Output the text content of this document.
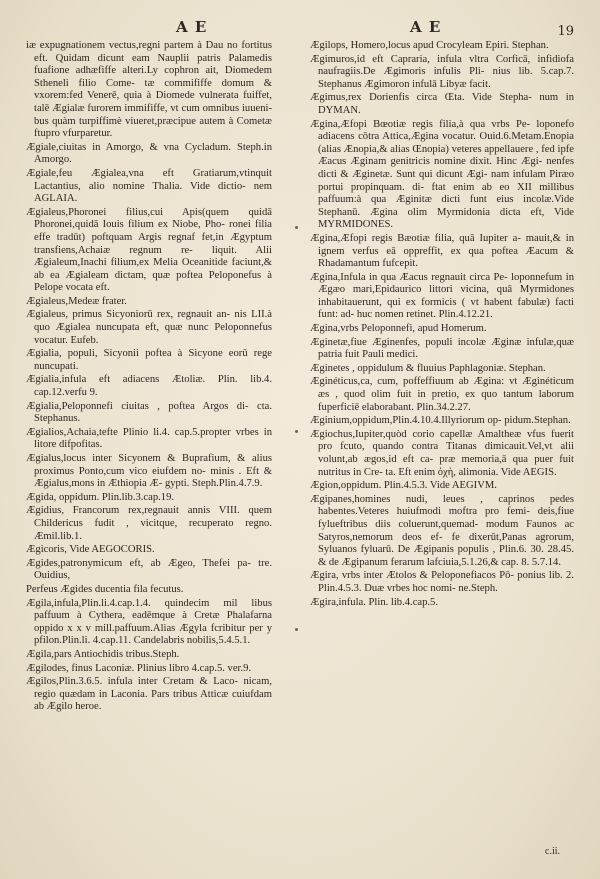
A E	A E	19

iæ expugnationem vectus,regni partem à Dau no fortitus eft. Quidam dicunt eam Nauplii patris Palamedis fuafione adhæfiffe alteri.Ly cophron ait, Diomedem Stheneli filio Come- tæ commififfe domum & vxorem:fed Venerē, quia à Diomede vulnerata fuiffet, talē Ægialæ furorem immififfe, vt cum omnibus iuueni- bus quàm turpiffimè viueret,præcipue autem à Cometæ ftupro vfurparetur.

Ægiale,ciuitas in Amorgo, & vna Cycladum. Steph.in Amorgo.

Ægiale,feu Ægialea,vna eft Gratiarum,vtinquit Lactantius, alio nomine Thalia. Vide dictio- nem AGLAIA.

Ægialeus,Phoronei filius,cui Apis(quem quidā Phoronei,quidā Iouis filium ex Niobe, Pho- ronei filia effe tradūt) poftquam Argis regnaf fet,in Ægyptum transfiens,Achaiæ regnum re- liquit. Alii Ægialeum,Inachi filium,ex Melia Oceanitide faciunt,& ab ea Ægialeam dictam, quæ poftea Peloponefus à Pelope vocata eft.

Ægialeus,Medeæ frater.

Ægialeus, primus Sicyoniorū rex, regnauit an- nis LII.à quo Ægialea nuncupata eft, quæ nunc Peloponnefus vocatur. Eufeb.

Ægialia, populi, Sicyonii poftea à Sicyone eorū rege nuncupati.

Ægialia,infula eft adiacens Ætoliæ. Plin. lib.4. cap.12.verfu 9.

Ægialia,Peloponnefi ciuitas , poftea Argos di- cta. Stephanus.

Ægialios,Achaia,tefte Plinio li.4. cap.5.propter vrbes in litore difpofitas.

Ægialus,locus inter Sicyonem & Buprafium, & alius proximus Ponto,cum vico eiufdem no- minis . Eft & Ægialus,mons in Æthiopia Æ- gypti. Steph.Plin.4.7.9.

Ægida, oppidum. Plin.lib.3.cap.19.

Ægidius, Francorum rex,regnauit annis VIII. quem Childericus fudit , vicitque, recuperato regno. Æmil.lib.1.

Ægicoris, Vide AEGOCORIS.

Ægides,patronymicum eft, ab Ægeo, Thefei pa- tre. Ouidius,

Perfeus Ægides ducentia fila fecutus.

Ægila,infula,Plin.li.4.cap.1.4. quindecim mil libus paffuum à Cythera, eadēmque à Cretæ Phalafarna oppido x x v mill.paffuum.Alias Ægyla fcribitur per y pfilon.Plin.li. 4.cap.11. Candelabris nobilis,5.4.5.1.

Ægila,pars Antiochidis tribus.Steph.

Ægilodes, finus Laconiæ. Plinius libro 4.cap.5. ver.9.

Ægilos,Plin.3.6.5. infula inter Cretam & Laco- nicam, regio quædam in Laconia. Pars tribus Atticæ cuiufdam ab Ægilo heroe.

Ægilops, Homero,locus apud Crocyleam Epiri. Stephan.

Ægimuros,id eft Capraria, infula vltra Corficā, infidiofa naufragiis.De Ægimoris infulis Pli- nius lib. 5.cap.7. Stephanus Ægimoron infulā Libyæ facit.

Ægimus,rex Dorienfis circa Œta. Vide Stepha- num in DYMAN.

Ægina,Æfopi Bœotiæ regis filia,à qua vrbs Pe- loponefo adiacens cōtra Attica,Ægina vocatur. Ouid.6.Metam.Enopia (alias Ænopia,& alias Œnopia) veteres appellauere , fed ipfe Æacus Æginam genitricis nomine dixit. Hinc Ægi- nenfes dicti & Æginetæ. Sunt qui dicunt Ægi- nam infulam Piræo portui propinquam. di- ftat enim ab eo XII millibus paffuum:à qua Æginitæ dicti funt eius incolæ.Vide Stephanū. Ægina olim Myrmidonia dicta eft, Vide MYRMIDONES.

Ægina,Æfopi regis Bæotiæ filia, quā Iupiter a- mauit,& in ignem verfus eā oppreffit, ex qua poftea Æacum & Rhadamantum fufcepit.

Ægina,Infula in qua Æacus regnauit circa Pe- loponnefum in Ægæo mari,Epidaurico littori vicina, quā Myrmidones inhabitauerunt, qui ex formicis ( vt habent fabulæ) facti funt: ad- huc nomen retinet. Plin.4.12.21.

Ægina,vrbs Peloponnefi, apud Homerum.

Æginetæ,fiue Æginenfes, populi incolæ Æginæ infulæ,quæ patria fuit Pauli medici.

Æginetes , oppidulum & fluuius Paphlagoniæ. Stephan.

Æginéticus,ca, cum, poffeffiuum ab Ægina: vt Æginéticum æs , quod olim fuit in pretio, ex quo tantum laborum fuperficiē elaborabant. Plin.34.2.27.

Æginium,oppidum,Plin.4.10.4.Illyriorum op- pidum.Stephan.

Ægiochus,Iupiter,quòd corio capellæ Amaltheæ vfus fuerit pro fcuto, quando contra Titanas dimicauit.Vel,vt alii volunt,ab ægos,id eft ca- præ memoria,ā qua puer fuit nutritus in Cre- ta. Eft enim ὀχὴ, alimonia. Vide AEGIS.

Ægion,oppidum. Plin.4.5.3. Vide AEGIVM.

Ægipanes,homines nudi, leues , caprinos pedes habentes.Veteres huiufmodi moftra pro femi- deis,fiue fylueftribus diis coluerunt,quemad- modum Faunos ac Satyros,nemorum deos ef- fe dixerūt,Panas agrorum, Syluanos fyluarū. De Ægipanis populis , Plin.6. 30. 28.45. & de Ægipanum ferarum lafciuia,5.1.26,& cap. 8. 5.7.14.

Ægira, vrbs inter Ætolos & Peloponefiacos Pō- ponius lib. 2. Plin.4.5.3. Duæ vrbes hoc nomi- ne.Steph.

Ægira,infula. Plin. lib.4.cap.5.

c.ii.
